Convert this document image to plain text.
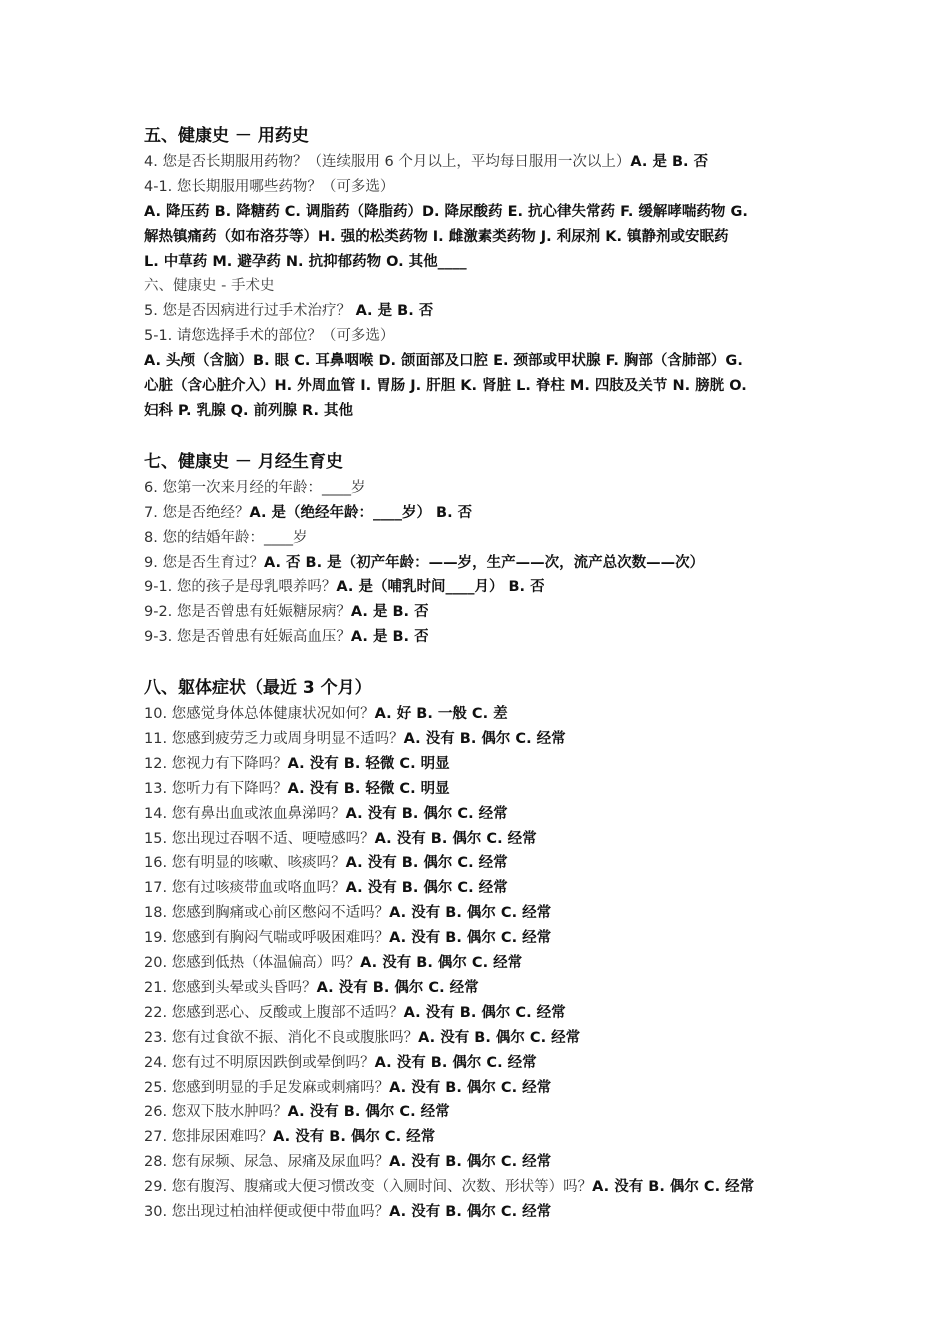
五、健康史 － 用药史
4. 您是否长期服用药物？（连续服用 6 个月以上，平均每日服用一次以上）A. 是 B. 否
4-1. 您长期服用哪些药物？（可多选）
A. 降压药 B. 降糖药 C. 调脂药（降脂药）D. 降尿酸药 E. 抗心律失常药 F. 缓解哮喘药物 G.
解热镇痛药（如布洛芬等）H. 强的松类药物 I. 雌激素类药物 J. 利尿剂 K. 镇静剂或安眠药
L. 中草药 M. 避孕药 N. 抗抑郁药物 O. 其他____
六、健康史 - 手术史
5. 您是否因病进行过手术治疗？ A. 是 B. 否
5-1. 请您选择手术的部位？（可多选）
A. 头颅（含脑）B. 眼 C. 耳鼻咽喉 D. 颌面部及口腔 E. 颈部或甲状腺 F. 胸部（含肺部）G.
心脏（含心脏介入）H. 外周血管 I. 胃肠 J. 肝胆 K. 肾脏 L. 脊柱 M. 四肢及关节 N. 膀胱 O.
妇科 P. 乳腺 Q. 前列腺 R. 其他
七、健康史 － 月经生育史
6. 您第一次来月经的年龄：____岁
7. 您是否绝经？A. 是（绝经年龄：____岁） B. 否
8. 您的结婚年龄：____岁
9. 您是否生育过？A. 否 B. 是（初产年龄：——岁，生产——次，流产总次数——次）
9-1. 您的孩子是母乳喂养吗？A. 是（哺乳时间____月） B. 否
9-2. 您是否曾患有妊娠糖尿病？A. 是 B. 否
9-3. 您是否曾患有妊娠高血压？A. 是 B. 否
八、躯体症状（最近 3 个月）
10. 您感觉身体总体健康状况如何？A. 好 B. 一般 C. 差
11. 您感到疲劳乏力或周身明显不适吗？A. 没有 B. 偶尔 C. 经常
12. 您视力有下降吗？A. 没有 B. 轻微 C. 明显
13. 您听力有下降吗？A. 没有 B. 轻微 C. 明显
14. 您有鼻出血或浓血鼻涕吗？A. 没有 B. 偶尔 C. 经常
15. 您出现过吞咽不适、哽噎感吗？A. 没有 B. 偶尔 C. 经常
16. 您有明显的咳嗽、咳痰吗？A. 没有 B. 偶尔 C. 经常
17. 您有过咳痰带血或咯血吗？A. 没有 B. 偶尔 C. 经常
18. 您感到胸痛或心前区憋闷不适吗？A. 没有 B. 偶尔 C. 经常
19. 您感到有胸闷气喘或呼吸困难吗？A. 没有 B. 偶尔 C. 经常
20. 您感到低热（体温偏高）吗？A. 没有 B. 偶尔 C. 经常
21. 您感到头晕或头昏吗？A. 没有 B. 偶尔 C. 经常
22. 您感到恶心、反酸或上腹部不适吗？A. 没有 B. 偶尔 C. 经常
23. 您有过食欲不振、消化不良或腹胀吗？A. 没有 B. 偶尔 C. 经常
24. 您有过不明原因跌倒或晕倒吗？A. 没有 B. 偶尔 C. 经常
25. 您感到明显的手足发麻或刺痛吗？A. 没有 B. 偶尔 C. 经常
26. 您双下肢水肿吗？A. 没有 B. 偶尔 C. 经常
27. 您排尿困难吗？A. 没有 B. 偶尔 C. 经常
28. 您有尿频、尿急、尿痛及尿血吗？A. 没有 B. 偶尔 C. 经常
29. 您有腹泻、腹痛或大便习惯改变（入厕时间、次数、形状等）吗？A. 没有 B. 偶尔 C. 经常
30. 您出现过柏油样便或便中带血吗？A. 没有 B. 偶尔 C. 经常
